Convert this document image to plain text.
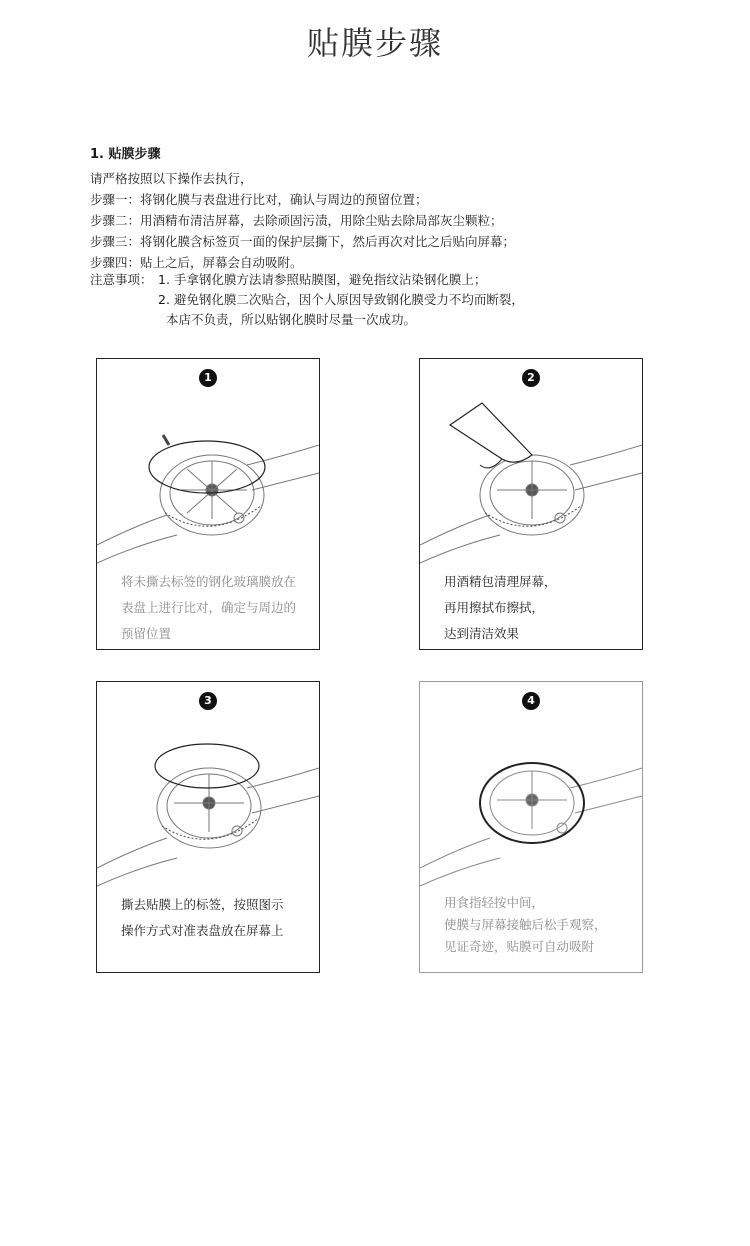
贴膜步骤
1. 贴膜步骤
请严格按照以下操作去执行，
步骤一：将钢化膜与表盘进行比对，确认与周边的预留位置；
步骤二：用酒精布清洁屏幕，去除顽固污渍，用除尘贴去除局部灰尘颗粒；
步骤三：将钢化膜含标签页一面的保护层撕下，然后再次对比之后贴向屏幕；
步骤四：贴上之后，屏幕会自动吸附。
注意事项： 1. 手拿钢化膜方法请参照贴膜图，避免指纹沾染钢化膜上；
2. 避免钢化膜二次贴合，因个人原因导致钢化膜受力不均而断裂，
本店不负责，所以贴钢化膜时尽量一次成功。
1
将未撕去标签的钢化玻璃膜放在
表盘上进行比对，确定与周边的
预留位置
2
用酒精包清理屏幕，
再用擦拭布擦拭，
达到清洁效果
3
撕去贴膜上的标签，按照图示
操作方式对准表盘放在屏幕上
4
用食指轻按中间，
使膜与屏幕接触后松手观察，
见证奇迹，贴膜可自动吸附
